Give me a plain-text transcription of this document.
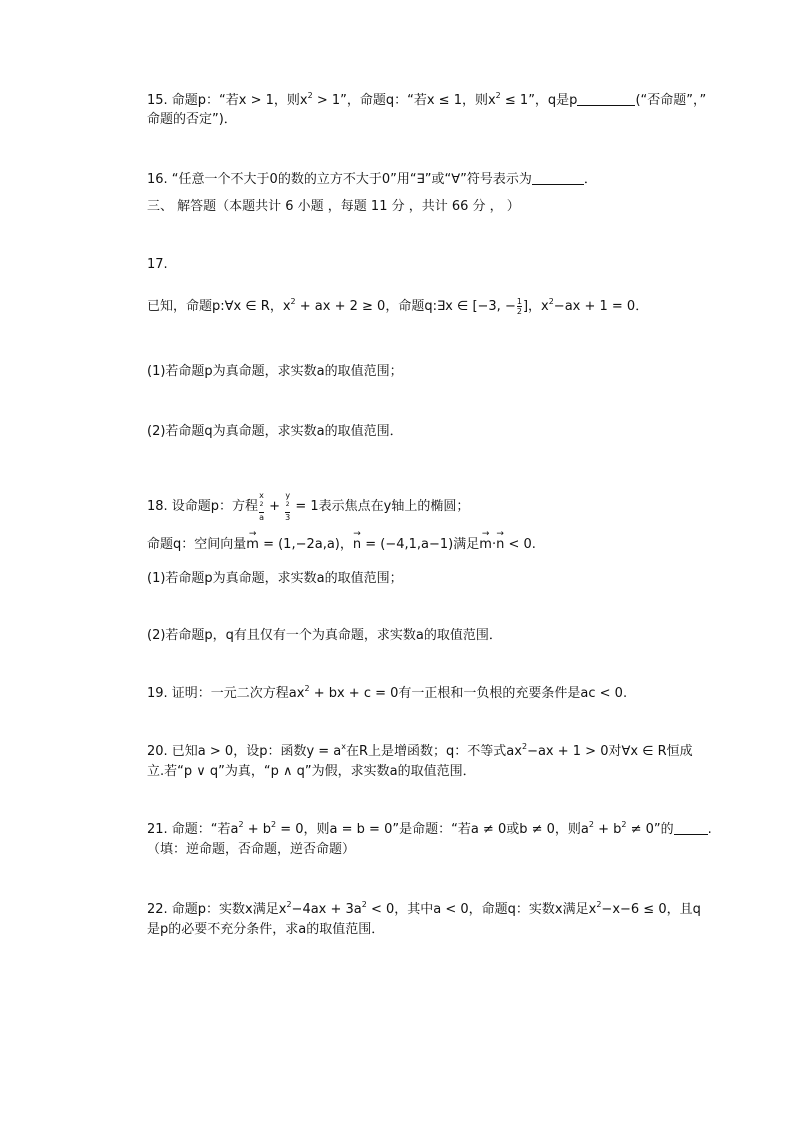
15. 命题p：“若x > 1，则$x^2 > 1$”，命题q：“若x ≤ 1，则$x^2 \le 1$”，q是p	(“否命题”，”
命题的否定”)．
16. “任意一个不大于0的数的立方不大于0”用“∃”或“∀”符号表示为	．
三、 解答题（本题共计 6 小题 ，每题 11 分 ，共计 66 分 ， ）
17.
已知，命题p:∀x ∈ R，$x^2$ + ax + 2 ≥ 0，命题q:∃x ∈ [−3, − $\frac{1}{2}$ ]，$x^2-ax + 1 = 0$．
(1)若命题p为真命题，求实数a的取值范围；
(2)若命题q为真命题，求实数a的取值范围．
18. 设命题p：方程 x
$^2$
a + y
$^2$
3 = 1表示焦点在y轴上的椭圆；
命题q：空间向量→ m = (1,−2a,a)，→ n = (−4,1,a−1)满足→ m·→ n < 0.
(1)若命题p为真命题，求实数a的取值范围；
(2)若命题p，q有且仅有一个为真命题，求实数a的取值范围．
19. 证明：一元二次方程$ax^2$ + bx + c = 0有一正根和一负根的充要条件是ac < 0.
20. 已知a > 0，设p：函数$y = a^x$在R上是增函数；q：不等式$ax^2-ax + 1 > 0$对∀x ∈ R恒成
立.若“p ∨ q”为真，“p ∧ q”为假，求实数a的取值范围．
21. 命题：“若$a^2 + b^2 = 0$，则a = b = 0”是命题：“若a ≠ 0或b ≠ 0，则$a^2 + b^2 \ne 0$”的	.
（填：逆命题，否命题，逆否命题）
22. 命题p：实数x满足$x^2-4ax + 3a^2 < 0$，其中a < 0，命题q：实数x满足$x^2-x-6 \le 0$，且q
是p的必要不充分条件，求a的取值范围．
